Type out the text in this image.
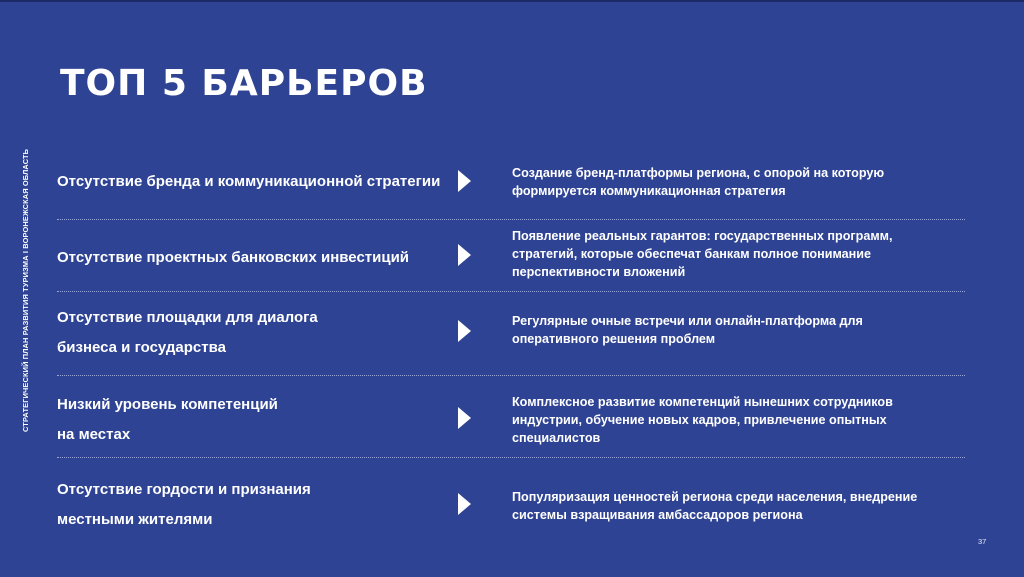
СТРАТЕГИЧЕСКИЙ ПЛАН РАЗВИТИЯ ТУРИЗМА I ВОРОНЕЖСКАЯ ОБЛАСТЬ
ТОП 5 БАРЬЕРОВ
Отсутствие бренда и коммуникационной стратегии	Создание бренд-платформы региона, с опорой на которую формируется коммуникационная стратегия
Отсутствие проектных банковских инвестиций
Появление реальных гарантов: государственных программ, стратегий, которые обеспечат банкам полное понимание перспективности вложений
Отсутствие площадки для диалога бизнеса и государства
Регулярные очные встречи или онлайн-платформа для оперативного решения проблем
Низкий уровень компетенций на местах
Комплексное развитие компетенций нынешних сотрудников индустрии, обучение новых кадров, привлечение опытных специалистов
Отсутствие гордости и признания местными жителями
Популяризация ценностей региона среди населения, внедрение системы взращивания амбассадоров региона
37
